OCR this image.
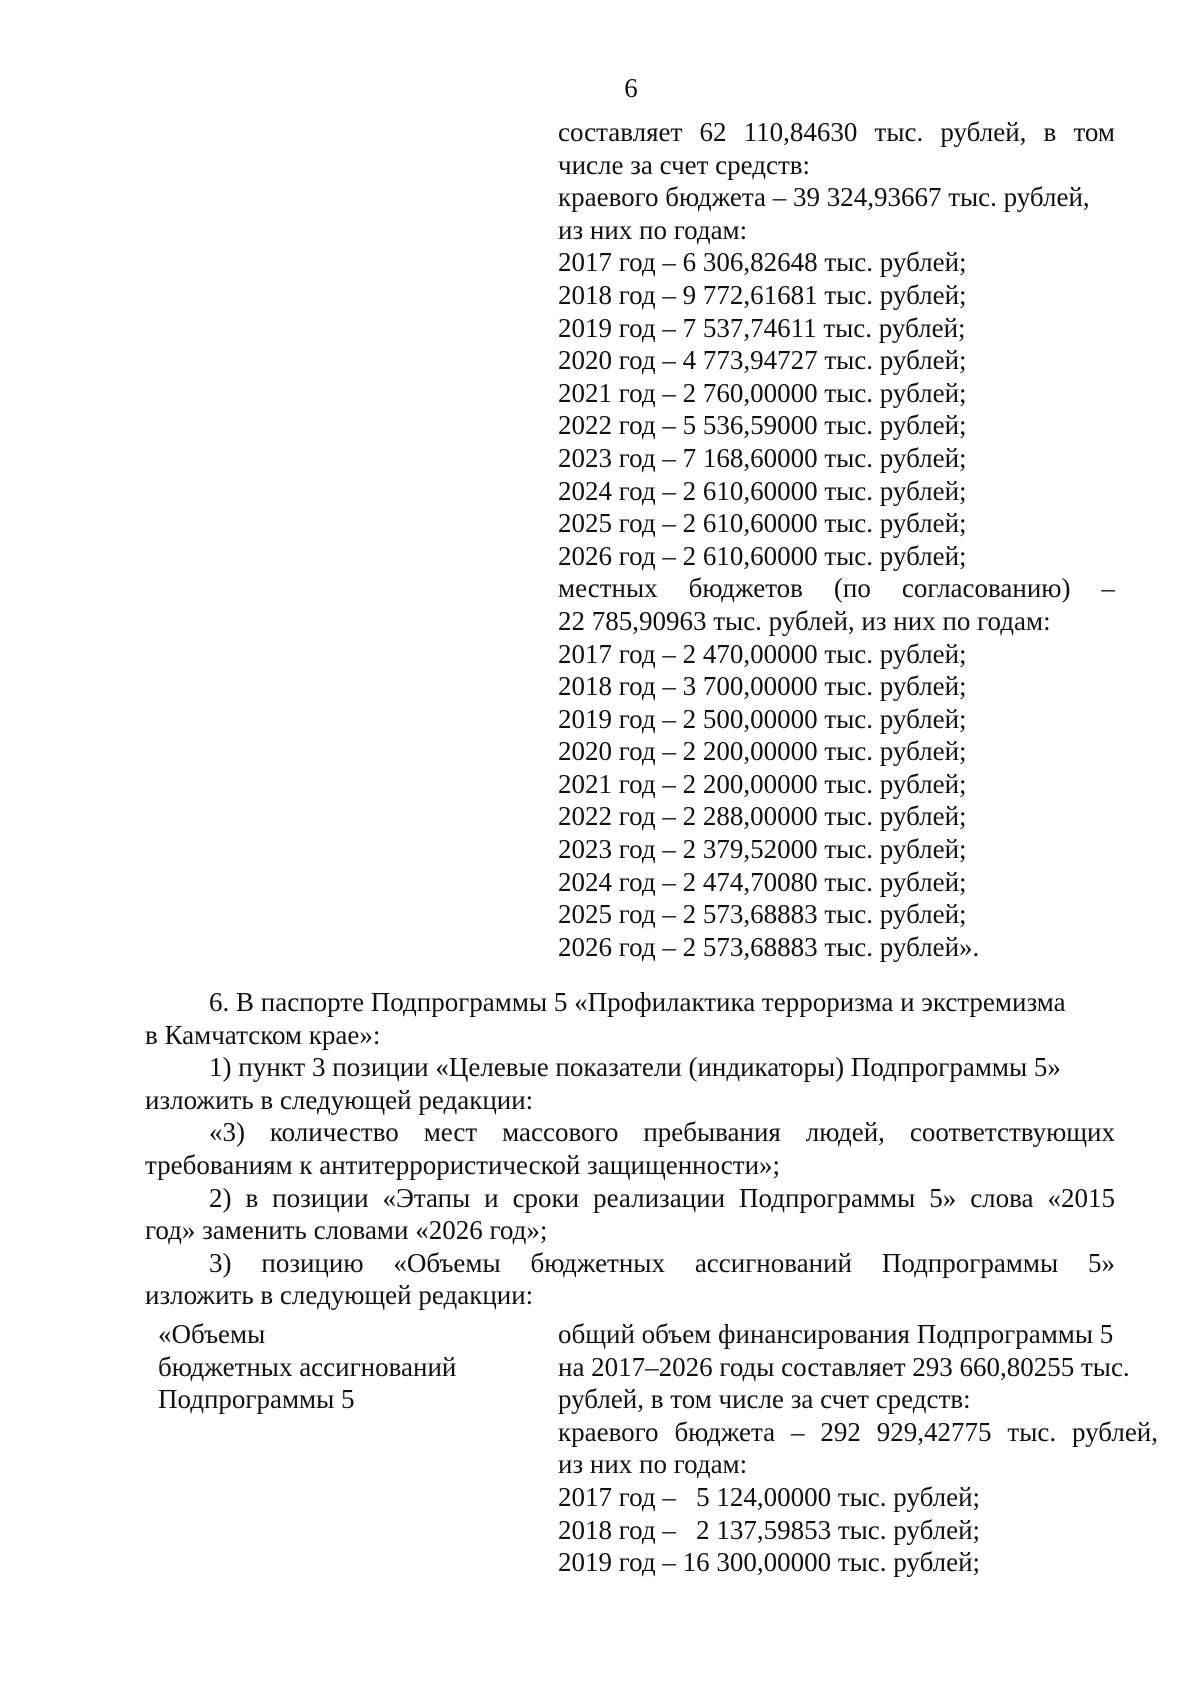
6
составляет 62 110,84630 тыс. рублей, в том
числе за счет средств:
краевого бюджета – 39 324,93667 тыс. рублей,
из них по годам:
2017 год – 6 306,82648 тыс. рублей;
2018 год – 9 772,61681 тыс. рублей;
2019 год – 7 537,74611 тыс. рублей;
2020 год – 4 773,94727 тыс. рублей;
2021 год – 2 760,00000 тыс. рублей;
2022 год – 5 536,59000 тыс. рублей;
2023 год – 7 168,60000 тыс. рублей;
2024 год – 2 610,60000 тыс. рублей;
2025 год – 2 610,60000 тыс. рублей;
2026 год – 2 610,60000 тыс. рублей;
местных бюджетов (по согласованию) –
22 785,90963 тыс. рублей, из них по годам:
2017 год – 2 470,00000 тыс. рублей;
2018 год – 3 700,00000 тыс. рублей;
2019 год – 2 500,00000 тыс. рублей;
2020 год – 2 200,00000 тыс. рублей;
2021 год – 2 200,00000 тыс. рублей;
2022 год – 2 288,00000 тыс. рублей;
2023 год – 2 379,52000 тыс. рублей;
2024 год – 2 474,70080 тыс. рублей;
2025 год – 2 573,68883 тыс. рублей;
2026 год – 2 573,68883 тыс. рублей».
6. В паспорте Подпрограммы 5 «Профилактика терроризма и экстремизма
в Камчатском крае»:
1) пункт 3 позиции «Целевые показатели (индикаторы) Подпрограммы 5»
изложить в следующей редакции:
«3) количество мест массового пребывания людей, соответствующих
требованиям к антитеррористической защищенности»;
2) в позиции «Этапы и сроки реализации Подпрограммы 5» слова «2015
год» заменить словами «2026 год»;
3) позицию «Объемы бюджетных ассигнований Подпрограммы 5»
изложить в следующей редакции:
«Объемы
бюджетных ассигнований
Подпрограммы 5
общий объем финансирования Подпрограммы 5
на 2017–2026 годы составляет 293 660,80255 тыс.
рублей, в том числе за счет средств:
краевого бюджета – 292 929,42775 тыс. рублей,
из них по годам:
2017 год –   5 124,00000 тыс. рублей;
2018 год –   2 137,59853 тыс. рублей;
2019 год – 16 300,00000 тыс. рублей;
